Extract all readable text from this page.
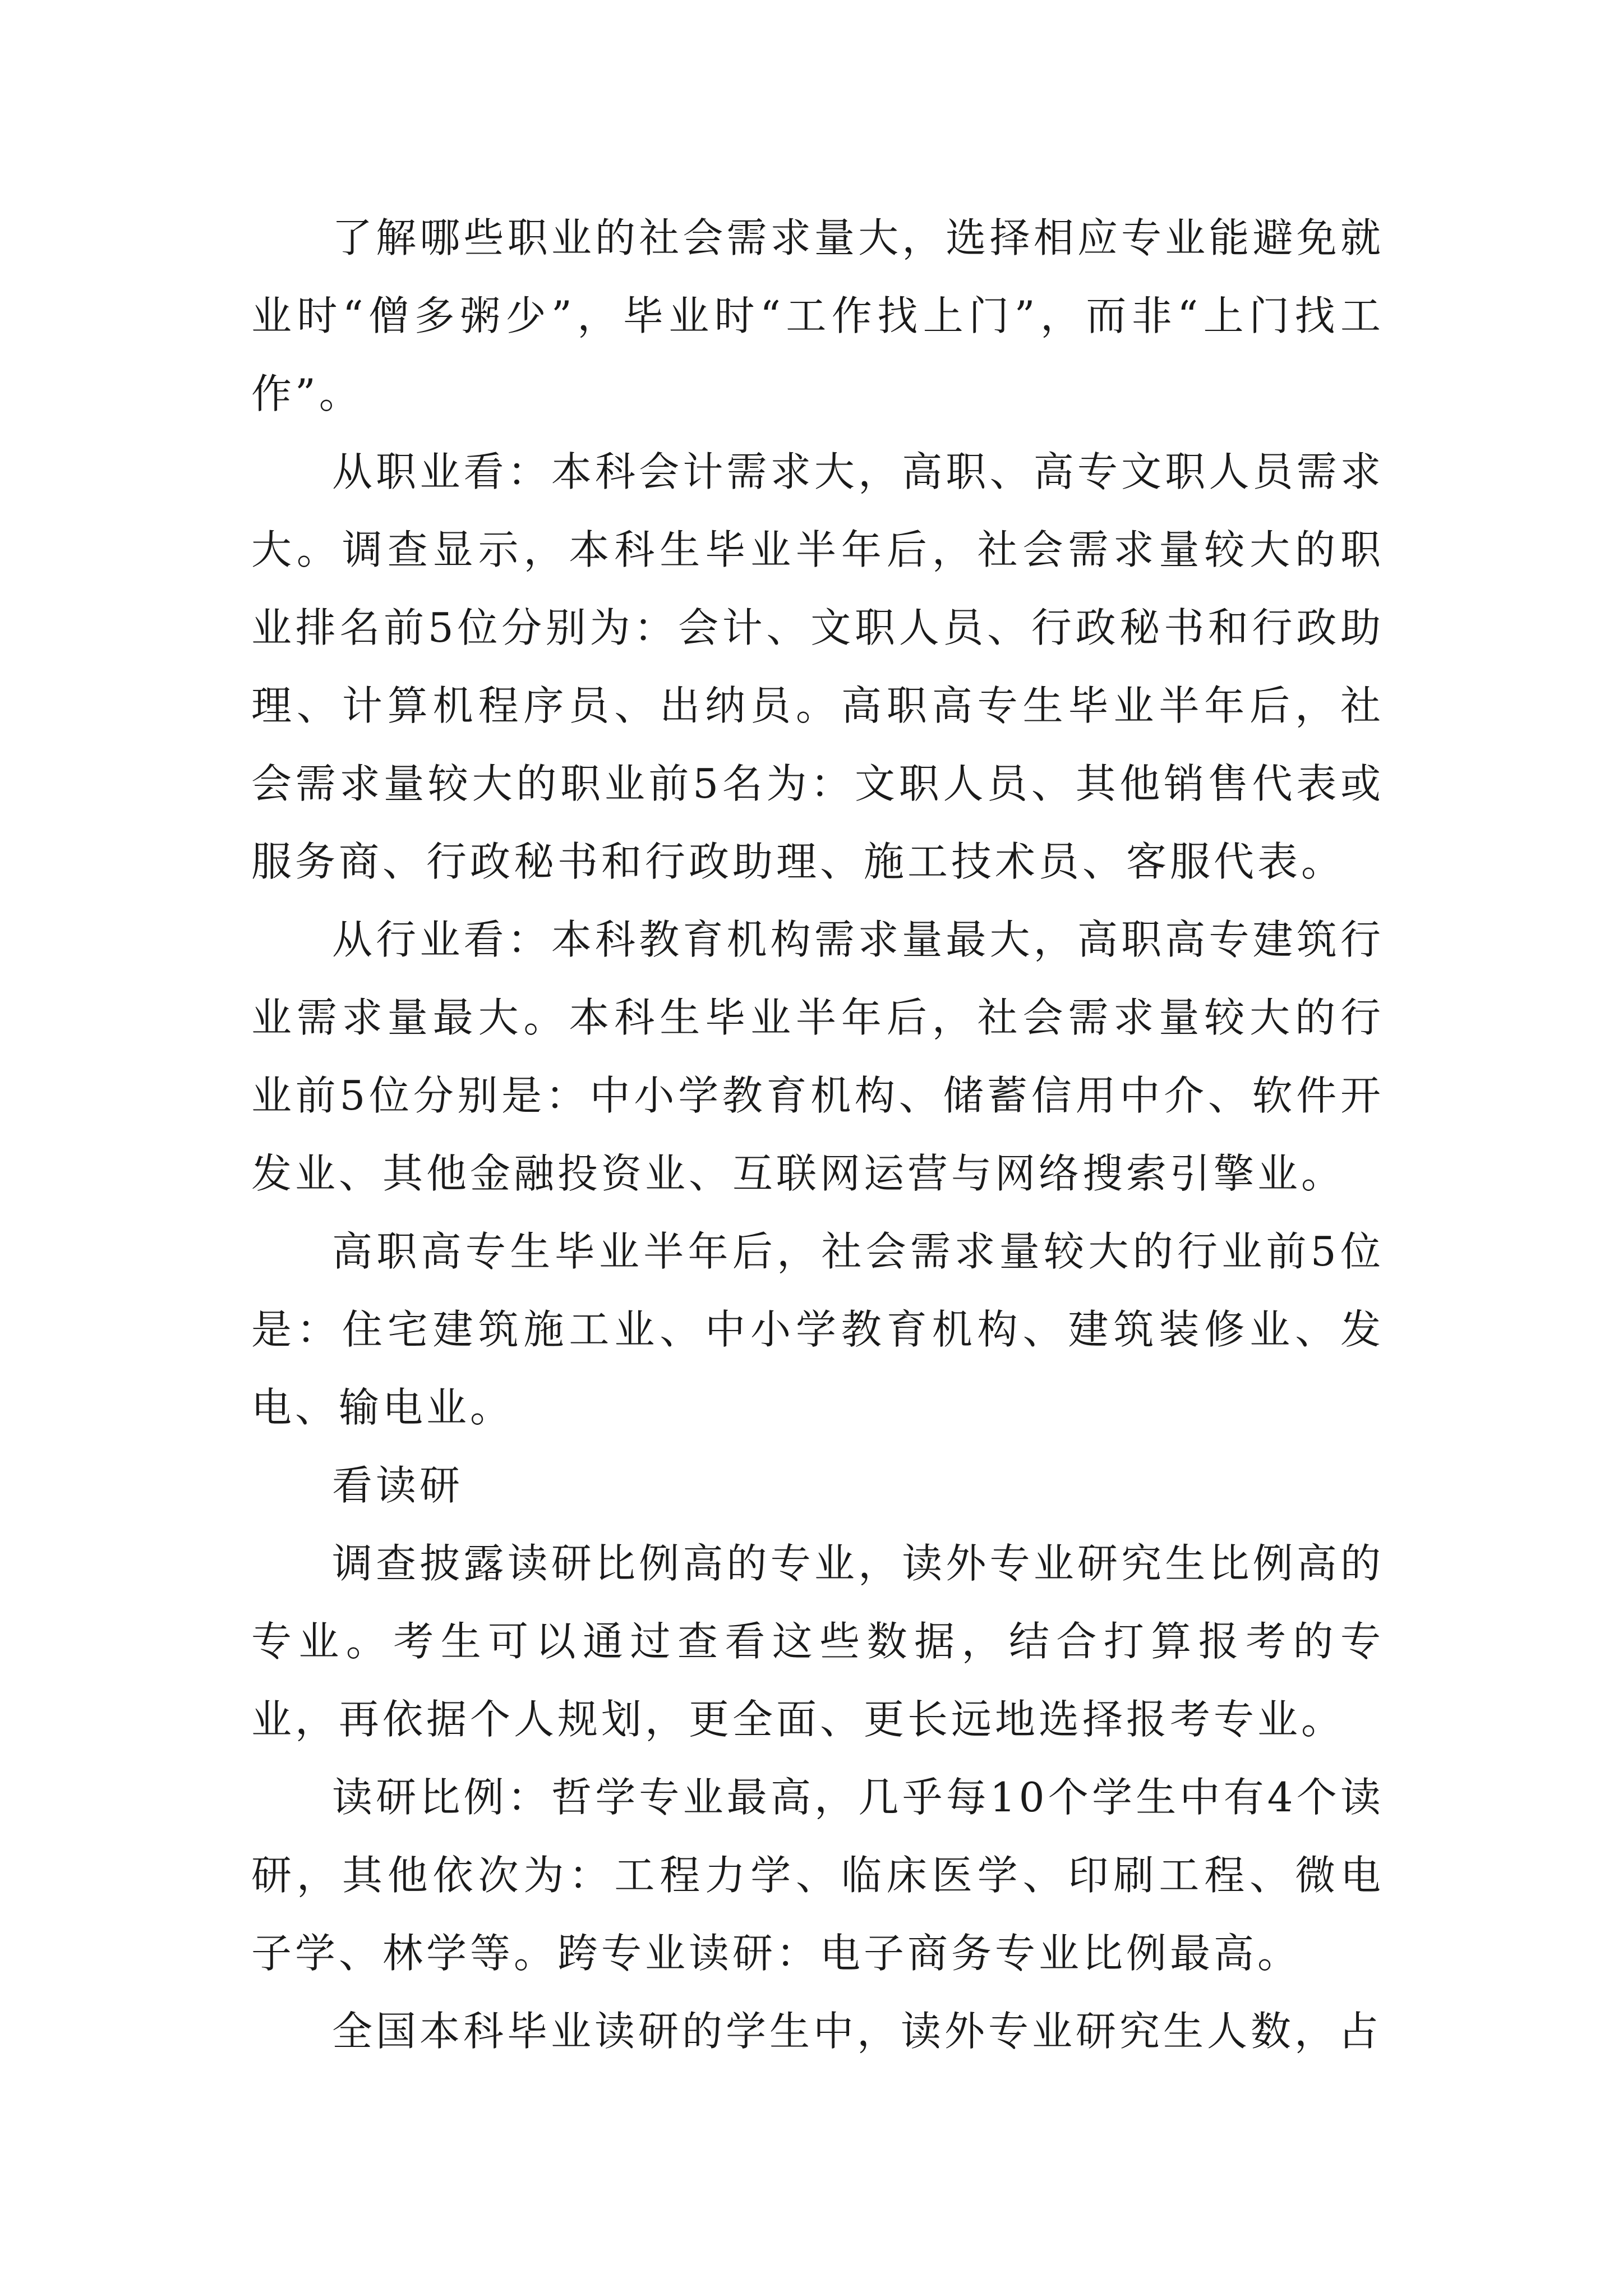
了解哪些职业的社会需求量大，选择相应专业能避免就业时“僧多粥少”，毕业时“工作找上门”，而非“上门找工作”。

从职业看：本科会计需求大，高职、高专文职人员需求大。调查显示，本科生毕业半年后，社会需求量较大的职业排名前5位分别为：会计、文职人员、行政秘书和行政助理、计算机程序员、出纳员。高职高专生毕业半年后，社会需求量较大的职业前5名为：文职人员、其他销售代表或服务商、行政秘书和行政助理、施工技术员、客服代表。

从行业看：本科教育机构需求量最大，高职高专建筑行业需求量最大。本科生毕业半年后，社会需求量较大的行业前5位分别是：中小学教育机构、储蓄信用中介、软件开发业、其他金融投资业、互联网运营与网络搜索引擎业。

高职高专生毕业半年后，社会需求量较大的行业前5位是：住宅建筑施工业、中小学教育机构、建筑装修业、发电、输电业。

看读研

调查披露读研比例高的专业，读外专业研究生比例高的专业。考生可以通过查看这些数据，结合打算报考的专业，再依据个人规划，更全面、更长远地选择报考专业。

读研比例：哲学专业最高，几乎每10个学生中有4个读研，其他依次为：工程力学、临床医学、印刷工程、微电子学、林学等。跨专业读研：电子商务专业比例最高。

全国本科毕业读研的学生中，读外专业研究生人数，占
